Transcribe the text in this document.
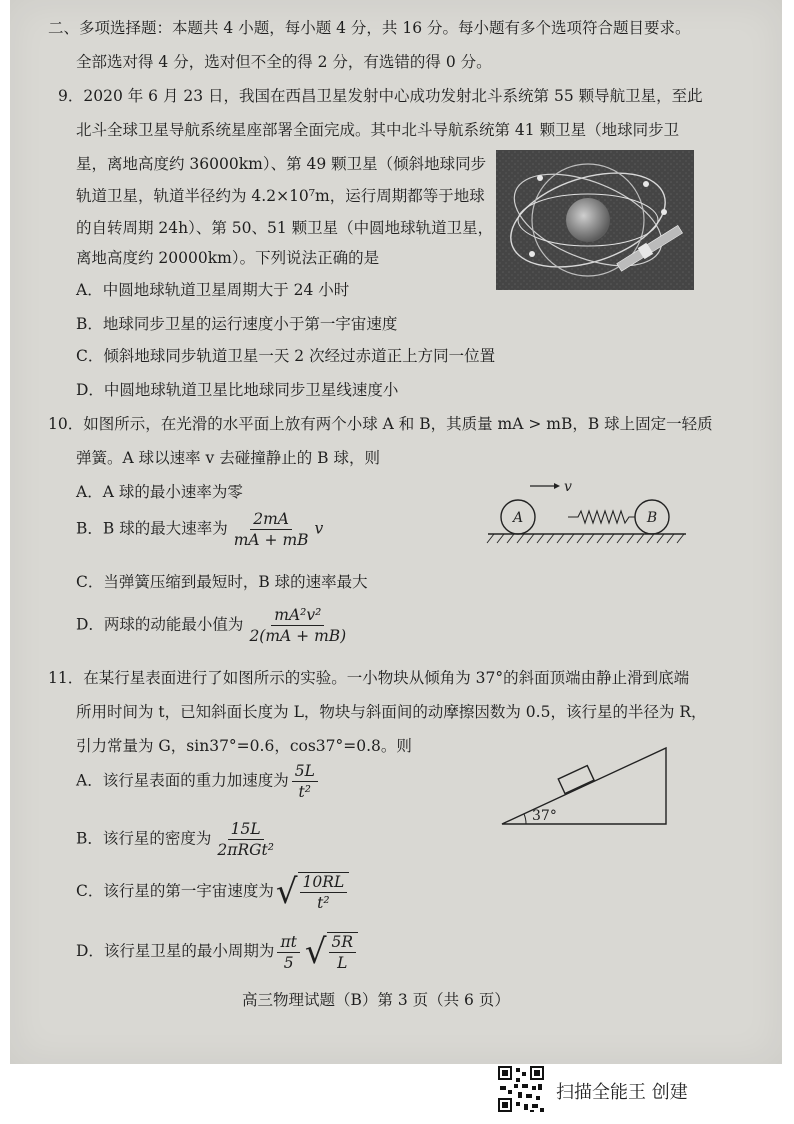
二、多项选择题：本题共 4 小题，每小题 4 分，共 16 分。每小题有多个选项符合题目要求。
全部选对得 4 分，选对但不全的得 2 分，有选错的得 0 分。
9．2020 年 6 月 23 日，我国在西昌卫星发射中心成功发射北斗系统第 55 颗导航卫星，至此
北斗全球卫星导航系统星座部署全面完成。其中北斗导航系统第 41 颗卫星（地球同步卫
星，离地高度约 36000km）、第 49 颗卫星（倾斜地球同步
轨道卫星，轨道半径约为 4.2×10⁷m，运行周期都等于地球
的自转周期 24h）、第 50、51 颗卫星（中圆地球轨道卫星，
离地高度约 20000km）。下列说法正确的是
A．中圆地球轨道卫星周期大于 24 小时
B．地球同步卫星的运行速度小于第一宇宙速度
C．倾斜地球同步轨道卫星一天 2 次经过赤道正上方同一位置
D．中圆地球轨道卫星比地球同步卫星线速度小
10．如图所示，在光滑的水平面上放有两个小球 A 和 B，其质量 mA > mB，B 球上固定一轻质
弹簧。A 球以速率 v 去碰撞静止的 B 球，则
A．A 球的最小速率为零
B．B 球的最大速率为 $\frac{2mA}{mA + mB}$ v
C．当弹簧压缩到最短时，B 球的速率最大
D．两球的动能最小值为 $\frac{\text{mA²v²}}{2(mA + mB)}$
v
A	B
11．在某行星表面进行了如图所示的实验。一小物块从倾角为 37°的斜面顶端由静止滑到底端
所用时间为 t，已知斜面长度为 L，物块与斜面间的动摩擦因数为 0.5，该行星的半径为 R，
引力常量为 G，sin37°=0.6，cos37°=0.8。则
A．该行星表面的重力加速度为 $\frac{5L}{\text{t²}}$
B．该行星的密度为 $\frac{15L}{\text{2πRGt²}}$
C．该行星的第一宇宙速度为 √ $\frac{10RL}{\text{t²}}$
D．该行星卫星的最小周期为 $\frac{\pi t}{5}$ √ $\frac{5R}{L}$
37°
高三物理试题（B）第 3 页（共 6 页）
扫描全能王 创建
